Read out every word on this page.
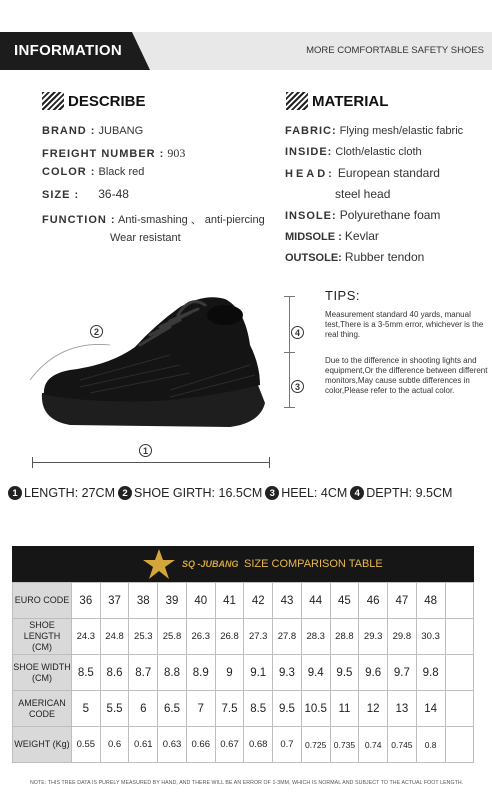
INFORMATION	MORE COMFORTABLE SAFETY SHOES
DESCRIBE
BRAND : JUBANG
FREIGHT NUMBER : 903
COLOR : Black red
SIZE : 36-48
FUNCTION : Anti-smashing 、 anti-piercing
Wear resistant
MATERIAL
FABRIC: Flying mesh/elastic fabric
INSIDE: Cloth/elastic cloth
HEAD: European standard
steel head
INSOLE: Polyurethane foam
MIDSOLE : Kevlar
OUTSOLE: Rubber tendon
2
1
4
3
TIPS:
Measurement standard 40 yards, manual test,There is a 3-5mm error, whichever is the real thing.
Due to the difference in shooting lights and equipment,Or the difference between different monitors,May cause subtle differences in color,Please refer to the actual color.
1 LENGTH: 27CM 2 SHOE GIRTH: 16.5CM 3 HEEL: 4CM 4 DEPTH: 9.5CM
SQ -JUBANG SIZE COMPARISON TABLE
EURO CODE	36	37	38	39	40	41	42	43	44	45	46	47	48	
SHOE LENGTH (CM)	24.3	24.8	25.3	25.8	26.3	26.8	27.3	27.8	28.3	28.8	29.3	29.8	30.3	
SHOE WIDTH (CM)	8.5	8.6	8.7	8.8	8.9	9	9.1	9.3	9.4	9.5	9.6	9.7	9.8	
AMERICAN CODE	5	5.5	6	6.5	7	7.5	8.5	9.5	10.5	11	12	13	14	
WEIGHT (Kg)	0.55	0.6	0.61	0.63	0.66	0.67	0.68	0.7	0.725	0.735	0.74	0.745	0.8	
NOTE: THIS TREE DATA IS PURELY MEASURED BY HAND, AND THERE WILL BE AN ERROR OF 1-3MM, WHICH IS NORMAL AND SUBJECT TO THE ACTUAL FOOT LENGTH.
